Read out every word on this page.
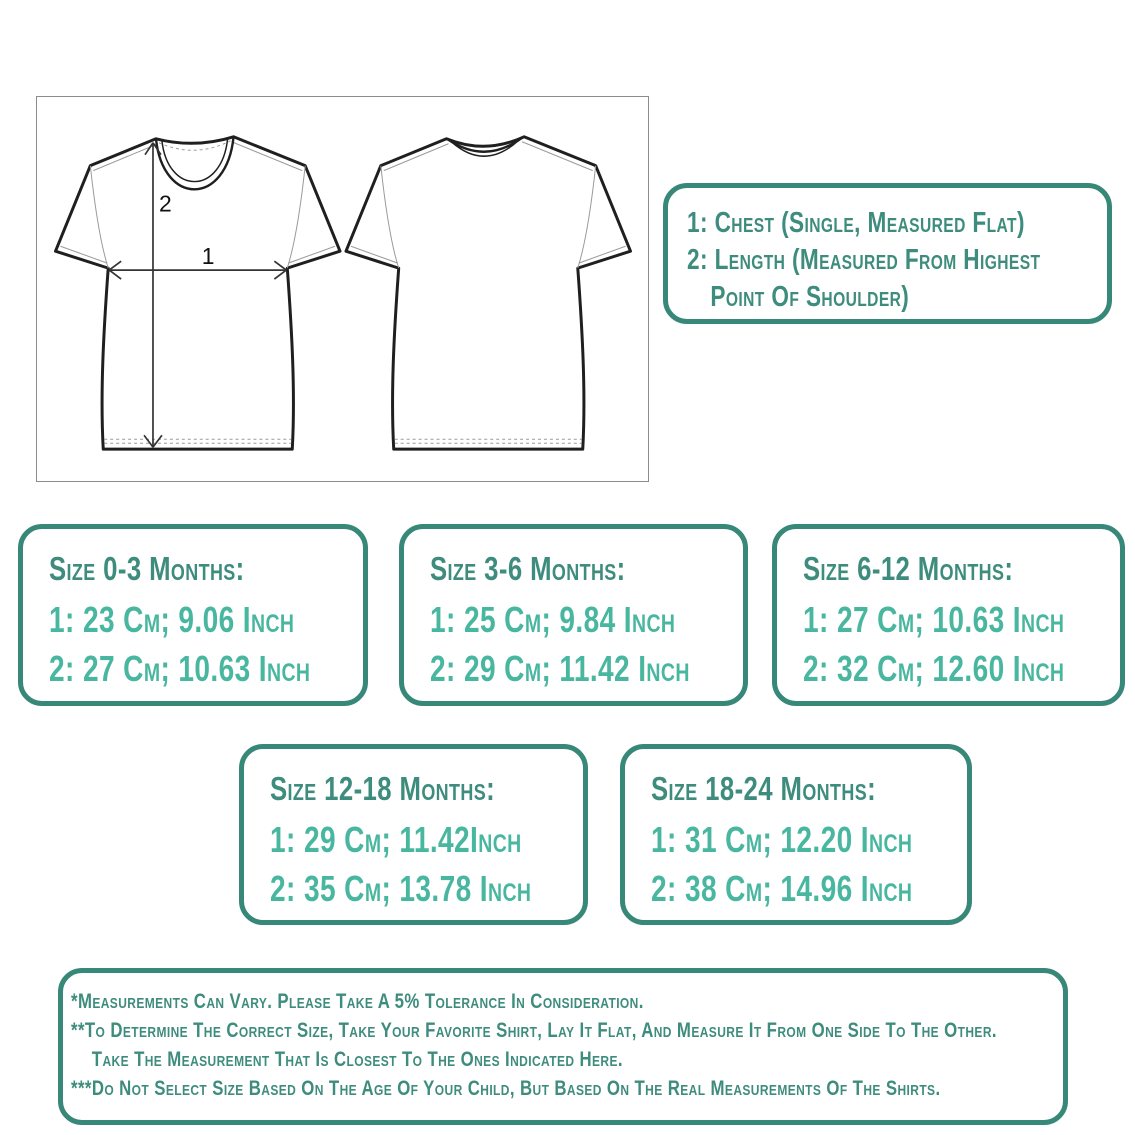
2
1
1: Chest (Single, Measured Flat)
2: Length (Measured From Highest
Point Of Shoulder)
Size 0-3 Months:
1: 23 Cm; 9.06 Inch
2: 27 Cm; 10.63 Inch
Size 3-6 Months:
1: 25 Cm; 9.84 Inch
2: 29 Cm; 11.42 Inch
Size 6-12 Months:
1: 27 Cm; 10.63 Inch
2: 32 Cm; 12.60 Inch
Size 12-18 Months:
1: 29 Cm; 11.42Inch
2: 35 Cm; 13.78 Inch
Size 18-24 Months:
1: 31 Cm; 12.20 Inch
2: 38 Cm; 14.96 Inch
*Measurements Can Vary. Please Take A 5% Tolerance In Consideration.
**To Determine The Correct Size, Take Your Favorite Shirt, Lay It Flat, And Measure It From One Side To The Other.
Take The Measurement That Is Closest To The Ones Indicated Here.
***Do Not Select Size Based On The Age Of Your Child, But Based On The Real Measurements Of The Shirts.
